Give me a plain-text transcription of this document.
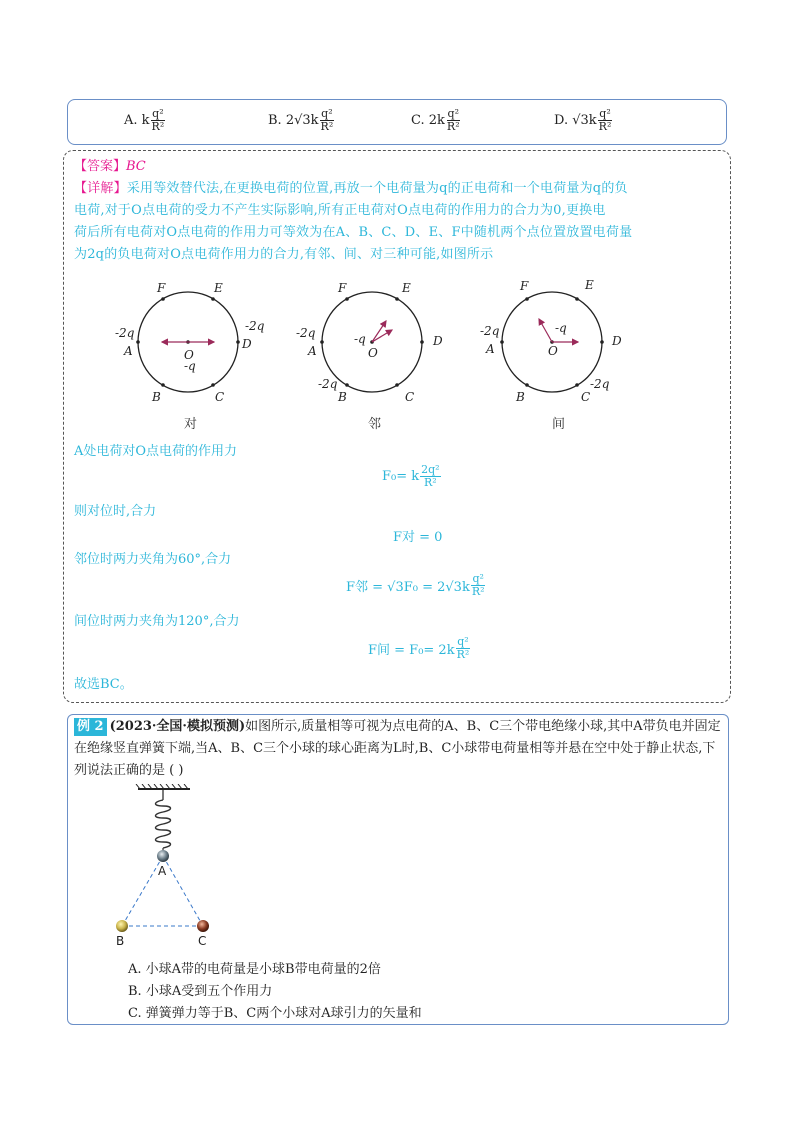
A. k $\frac{\text{q²}}{\text{R²}}$	B. $2√3k \frac{\text{q²}}{\text{R²}}$	C. $2k \frac{\text{q²}}{\text{R²}}$	D. $√3k \frac{\text{q²}}{\text{R²}}$
【答案】BC
【详解】采用等效替代法,在更换电荷的位置,再放一个电荷量为q的正电荷和一个电荷量为q的负
电荷,对于O点电荷的受力不产生实际影响,所有正电荷对O点电荷的作用力的合力为0,更换电
荷后所有电荷对O点电荷的作用力可等效为在A、B、C、D、E、F中随机两个点位置放置电荷量
为2q的负电荷对O点电荷作用力的合力,有邻、间、对三种可能,如图所示
F	E
-2q	-2q
A	D
O
-q
B	C
F	E
-2q
A
-q
O
D
-2q
B	C
F	E
-2q
A
-q
O
D
B	C
-2q
对	邻	间
A处电荷对O点电荷的作用力
F₀= k $\frac{\text{2q²}}{\text{R²}}$
则对位时,合力
F对 = 0
邻位时两力夹角为60°,合力
F邻 = $√3F_0 = 2√3k \frac{\text{q²}}{\text{R²}}$
间位时两力夹角为120°,合力
F间 = $F_0= 2k \frac{\text{q²}}{\text{R²}}$
故选BC。
例 2 (2023·全国·模拟预测)如图所示,质量相等可视为点电荷的A、B、C三个带电绝缘小球,其中A带负电并固定在绝缘竖直弹簧下端,当A、B、C三个小球的球心距离为L时,B、C小球带电荷量相等并悬在空中处于静止状态,下列说法正确的是 ( )
A
B	C
A. 小球A带的电荷量是小球B带电荷量的2倍
B. 小球A受到五个作用力
C. 弹簧弹力等于B、C两个小球对A球引力的矢量和
